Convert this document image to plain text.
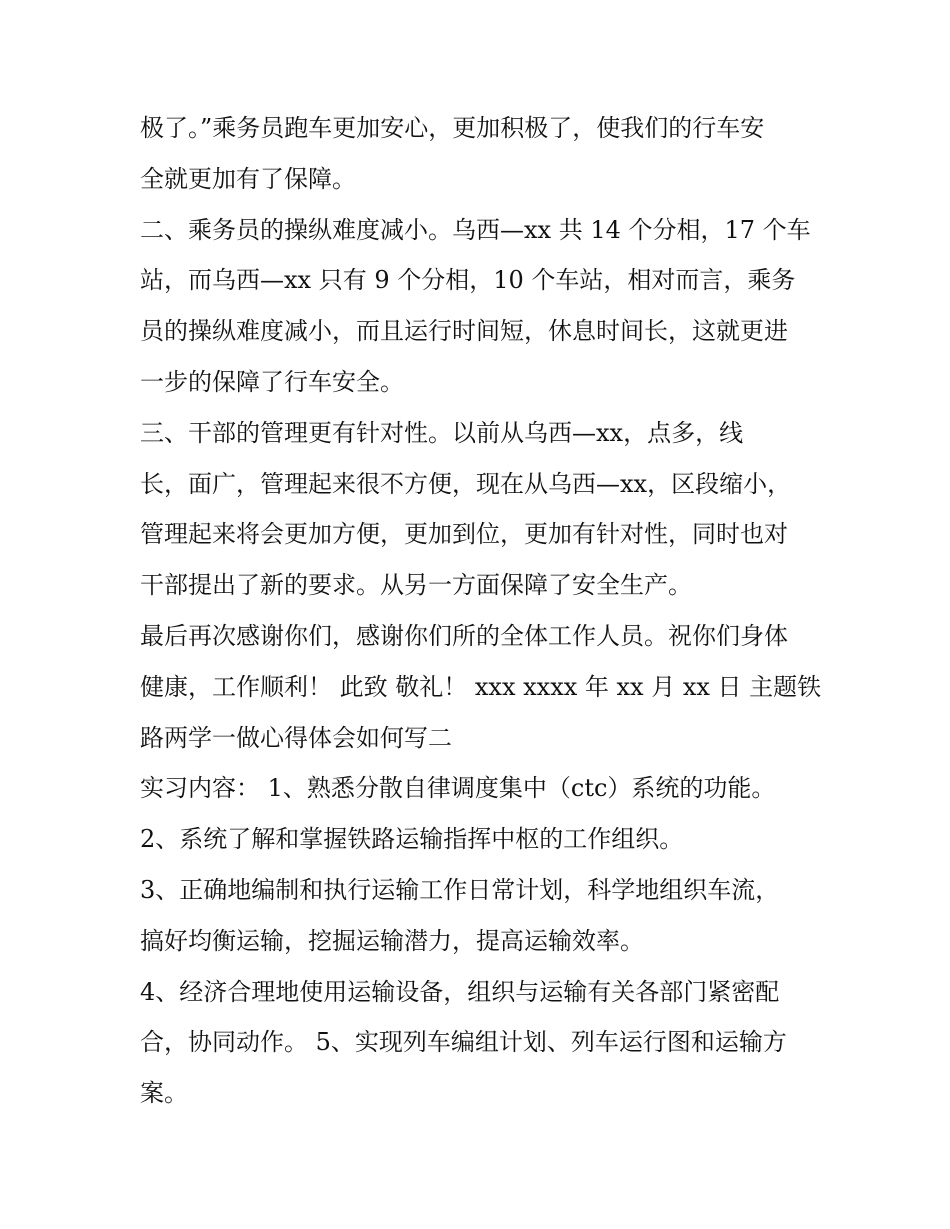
极了。”乘务员跑车更加安心，更加积极了，使我们的行车安
全就更加有了保障。
二、乘务员的操纵难度减小。乌西—xx 共 14 个分相，17 个车
站，而乌西—xx 只有 9 个分相，10 个车站，相对而言，乘务
员的操纵难度减小，而且运行时间短，休息时间长，这就更进
一步的保障了行车安全。
三、干部的管理更有针对性。以前从乌西—xx，点多，线
长，面广，管理起来很不方便，现在从乌西—xx，区段缩小，
管理起来将会更加方便，更加到位，更加有针对性，同时也对
干部提出了新的要求。从另一方面保障了安全生产。
最后再次感谢你们，感谢你们所的全体工作人员。祝你们身体
健康，工作顺利！ 此致 敬礼！ xxx xxxx 年 xx 月 xx 日 主题铁
路两学一做心得体会如何写二
实习内容： 1、熟悉分散自律调度集中（ctc）系统的功能。
2、系统了解和掌握铁路运输指挥中枢的工作组织。
3、正确地编制和执行运输工作日常计划，科学地组织车流，
搞好均衡运输，挖掘运输潜力，提高运输效率。
4、经济合理地使用运输设备，组织与运输有关各部门紧密配
合，协同动作。 5、实现列车编组计划、列车运行图和运输方
案。
